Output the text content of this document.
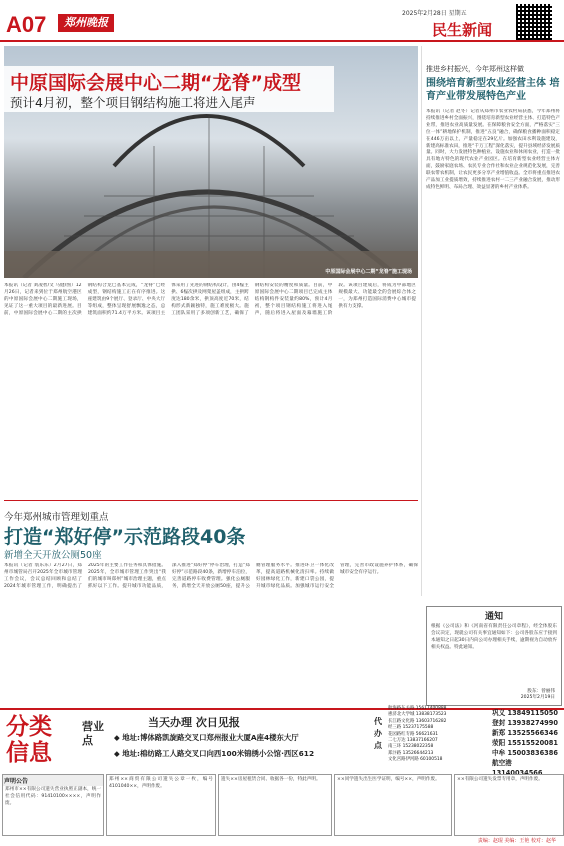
A07	郑州晚报
2025年2月28日 星期五
民生新闻
中原国际会展中心二期“龙脊”成型
预计4月初，整个项目钢结构施工将进入尾声
中原国际会展中心二期“龙脊”施工现场
本报讯（记者 刘凌智/文 马健/图）12月26日，记者来到位于郑州航空港区的中原国际会展中心二期施工现场，见证了这一重大项目的最新进展。目前，中原国际会展中心二期的主次拱钢结构合龙已基本完成，“龙脊”已经成型，钢结构施工正在有序推进。这座建筑由9个展厅、登录厅、中央大厅等组成，整体呈现舒展飘逸之态，总建筑面积约71.4万平方米。该项目主体采用了先进的钢结构设计，由4榀主拱、6榀次拱及网架屋盖组成，主拱跨度达180余米，拱顶高度近70米，结构形式新颖独特，施工难度极大。施工团队采用了多项创新工艺，确保了钢结构安装的精度和质量。目前，中原国际会展中心二期项目已完成主体结构钢构件安装量约80%，预计4月初，整个项目钢结构施工将进入尾声，随后将进入屋面及幕墙施工阶段。该项目建成后，将成为中部地区规模最大、功能最全的会展综合体之一，为郑州打造国际消费中心城市提供有力支撑。
推进乡村振兴，今年郑州这样做
围绕培育新型农业经营主体 培育产业带发展特色产业
本报讯（记者 赵冬）记者从郑州市农业农村局获悉，今年郑州将持续推进乡村全面振兴，围绕培育新型农业经营主体、打造特色产业带，推进农业高质量发展。在保障粮食安全方面，严格落实“三位一体”耕地保护机制，推进“五良”融合，确保粮食播种面积稳定在446万亩以上，产量稳定在29亿斤。加强农田水利设施建设，新建高标准农田，推进“千万工程”深化落实，提升县域经济发展质量。同时，大力发展特色种植业、设施农业和休闲农业，打造一批具有地方特色的现代农业产业园区。在培育新型农业经营主体方面，鼓励家庭农场、农民专业合作社和农业企业规范化发展，完善联农带农机制，让农民更多分享产业增值收益。全市将重点推进农产品加工业提质增效，持续推进农村一二三产业融合发展，推动形成特色鲜明、布局合理、效益显著的乡村产业体系。
今年郑州城市管理划重点
打造“郑好停”示范路段40条
新增全天开放公厕50座
本报讯（记者 翁乐乐）2月27日，郑州市城管局召开2025年全市城市管理工作会议，会议总结回顾和总结了2024年城市管理工作，明确提出了2025年的主要工作任务和具体措施。2025年，全市城市管理工作突出“我们的城市叫郑州”城市治理主题，重点抓好以下工作。提升城市功能品质，深入推进“郑好停”停车治理，打造“郑好停”示范路段40条，新增停车泊位，完善道路停车收费管理。强化公厕服务，新增全天开放公厕50座，提升公厕管理服务水平。推进环卫一体化改革，提高道路机械化清扫率。持续做好园林绿化工作，新建口袋公园，提升城市绿化品质。加强城市运行安全管理，完善市政设施养护体系，确保城市安全有序运行。
通知
根据《公司法》和《河南省有限责任公司章程》，经全体股东会议决定，现就公司有关事宜通知如下：公司各股东应于接到本通知之日起30日内向公司办理相关手续，逾期视为自动放弃相关权益。特此通知。
股东：曾丽伟
2025年2月19日
分类信息
营业点
当天办理 次日见报
◆ 地址:博体路凯旋路交叉口郑州报业大厦A座4楼东大厅
◆ 地址:棉纺路工人路交叉口向西100米锦绣小公馆·西区612
代办点
航海路东关路 15617400888
惠济北大学城 13838173523
长江路文化路 13603716282
经三路 15237175588
花园路红专路 56621631
二七万达 13837166207
南三环 15238022358
郑汴路 13526644213
文化宫路伊河路 60100518
巩义 13849115050
登封 13938274990
新郑 13525566346
荥阳 15515520081
中牟 15003836386
航空港 13140034566
声明公告
郑州市××有限公司遗失营业执照正副本，统一社会信用代码：91410100××××，声明作废。
郑州××商贸有限公司遗失公章一枚，编号4101040××，声明作废。
遗失××房屋租赁合同、收据各一份，特此声明。	××同学遗失出生医学证明，编号××，声明作废。	××有限公司遗失发票专用章，声明作废。
责编：赵琨 美编：王艳 校对：赵华
